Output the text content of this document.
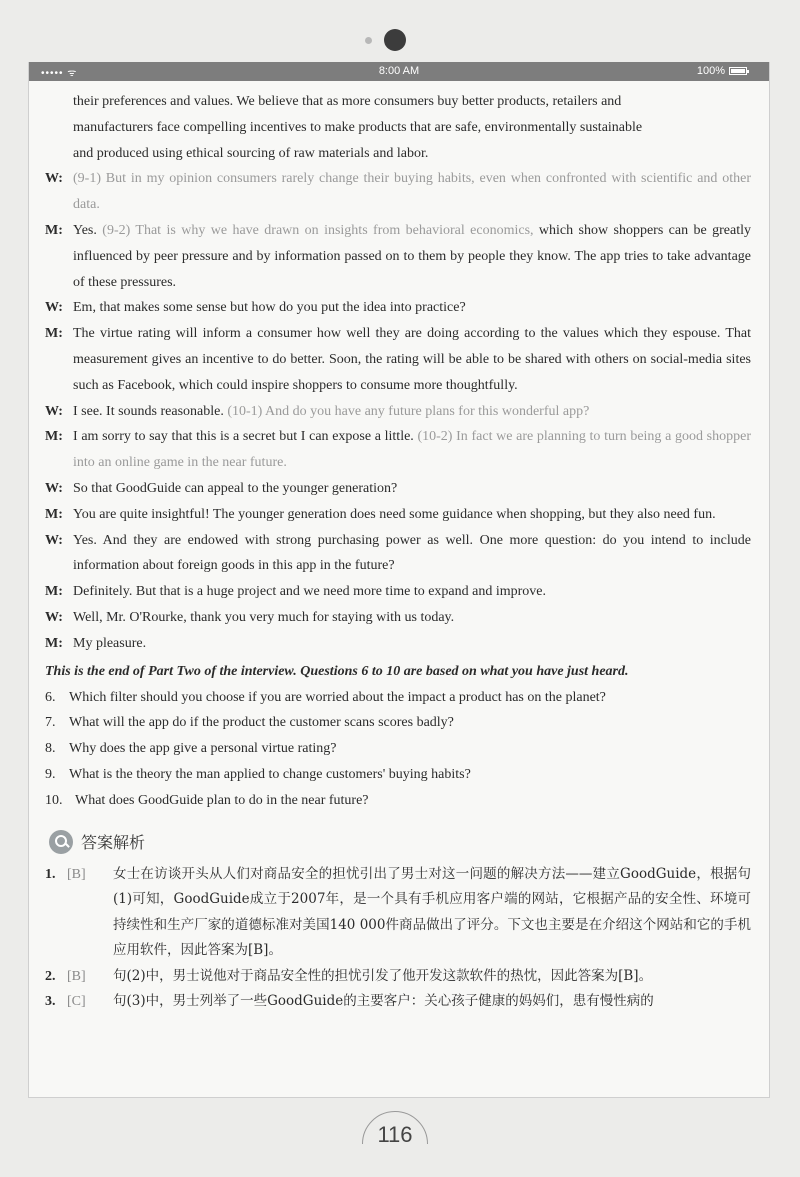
••••• ᯤ	8:00 AM	100%
their preferences and values. We believe that as more consumers buy better products, retailers and
manufacturers face compelling incentives to make products that are safe, environmentally sustainable
and produced using ethical sourcing of raw materials and labor.
W: (9-1) But in my opinion consumers rarely change their buying habits, even when confronted with scientific and other data.
M: Yes. (9-2) That is why we have drawn on insights from behavioral economics, which show shoppers can be greatly influenced by peer pressure and by information passed on to them by people they know. The app tries to take advantage of these pressures.
W: Em, that makes some sense but how do you put the idea into practice?
M: The virtue rating will inform a consumer how well they are doing according to the values which they espouse. That measurement gives an incentive to do better. Soon, the rating will be able to be shared with others on social-media sites such as Facebook, which could inspire shoppers to consume more thoughtfully.
W: I see. It sounds reasonable. (10-1) And do you have any future plans for this wonderful app?
M: I am sorry to say that this is a secret but I can expose a little. (10-2) In fact we are planning to turn being a good shopper into an online game in the near future.
W: So that GoodGuide can appeal to the younger generation?
M: You are quite insightful! The younger generation does need some guidance when shopping, but they also need fun.
W: Yes. And they are endowed with strong purchasing power as well. One more question: do you intend to include information about foreign goods in this app in the future?
M: Definitely. But that is a huge project and we need more time to expand and improve.
W: Well, Mr. O'Rourke, thank you very much for staying with us today.
M: My pleasure.
This is the end of Part Two of the interview. Questions 6 to 10 are based on what you have just heard.
6. Which filter should you choose if you are worried about the impact a product has on the planet?
7. What will the app do if the product the customer scans scores badly?
8. Why does the app give a personal virtue rating?
9. What is the theory the man applied to change customers' buying habits?
10. What does GoodGuide plan to do in the near future?
答案解析
1. [B]	女士在访谈开头从人们对商品安全的担忧引出了男士对这一问题的解决方法——建立GoodGuide，根据句(1)可知，GoodGuide成立于2007年，是一个具有手机应用客户端的网站，它根据产品的安全性、环境可持续性和生产厂家的道德标准对美国140 000件商品做出了评分。下文也主要是在介绍这个网站和它的手机应用软件，因此答案为[B]。
2. [B]	句(2)中，男士说他对于商品安全性的担忧引发了他开发这款软件的热忱，因此答案为[B]。
3. [C]	句(3)中，男士列举了一些GoodGuide的主要客户：关心孩子健康的妈妈们，患有慢性病的
116
